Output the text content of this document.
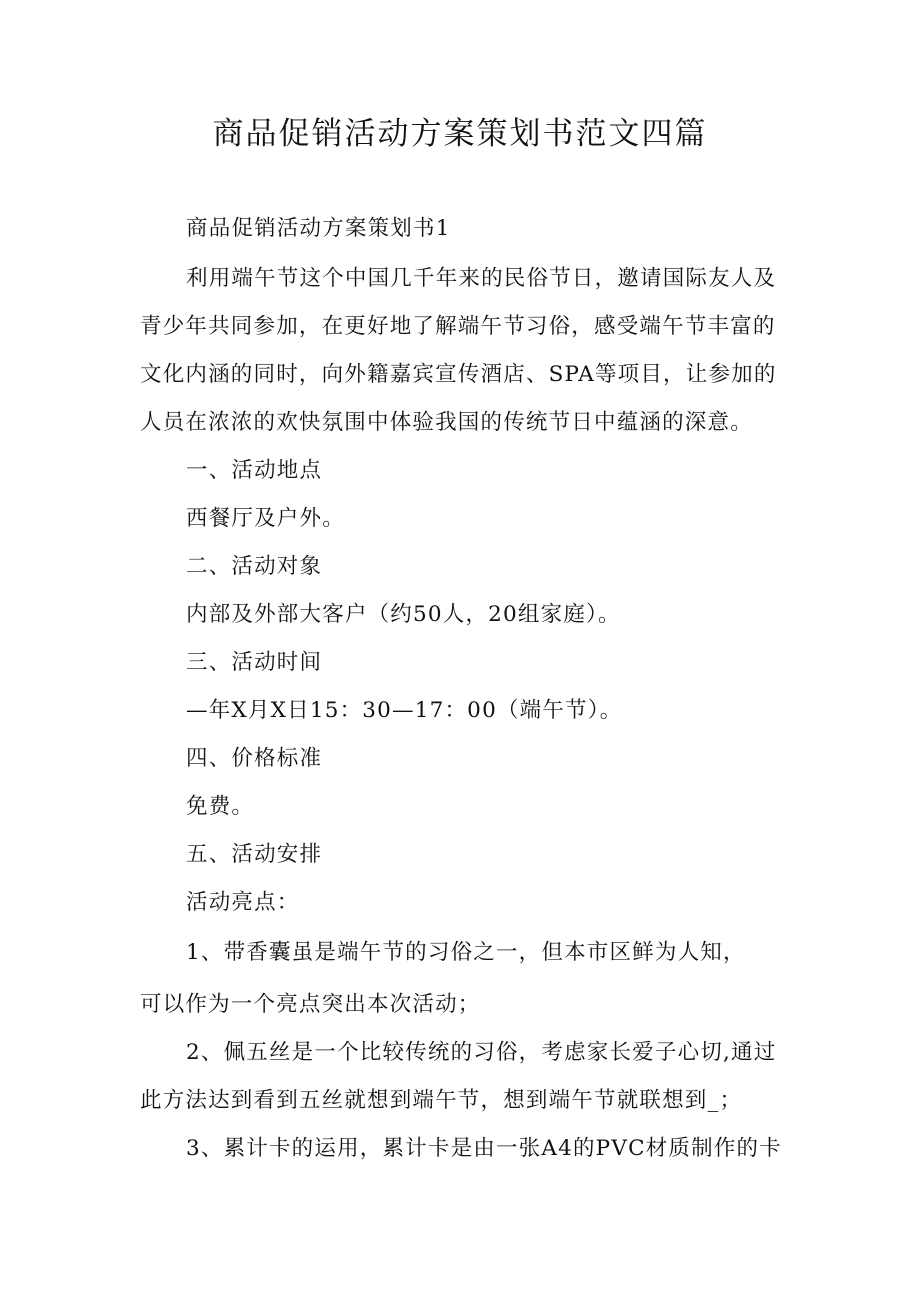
商品促销活动方案策划书范文四篇
商品促销活动方案策划书1
利用端午节这个中国几千年来的民俗节日，邀请国际友人及
青少年共同参加，在更好地了解端午节习俗，感受端午节丰富的
文化内涵的同时，向外籍嘉宾宣传酒店、SPA等项目，让参加的
人员在浓浓的欢快氛围中体验我国的传统节日中蕴涵的深意。
一、活动地点
西餐厅及户外。
二、活动对象
内部及外部大客户（约50人，20组家庭）。
三、活动时间
—年X月X日15：30—17：00（端午节）。
四、价格标准
免费。
五、活动安排
活动亮点：
1、带香囊虽是端午节的习俗之一，但本市区鲜为人知，
可以作为一个亮点突出本次活动；
2、佩五丝是一个比较传统的习俗，考虑家长爱子心切,通过
此方法达到看到五丝就想到端午节，想到端午节就联想到_；
3、累计卡的运用，累计卡是由一张A4的PVC材质制作的卡
